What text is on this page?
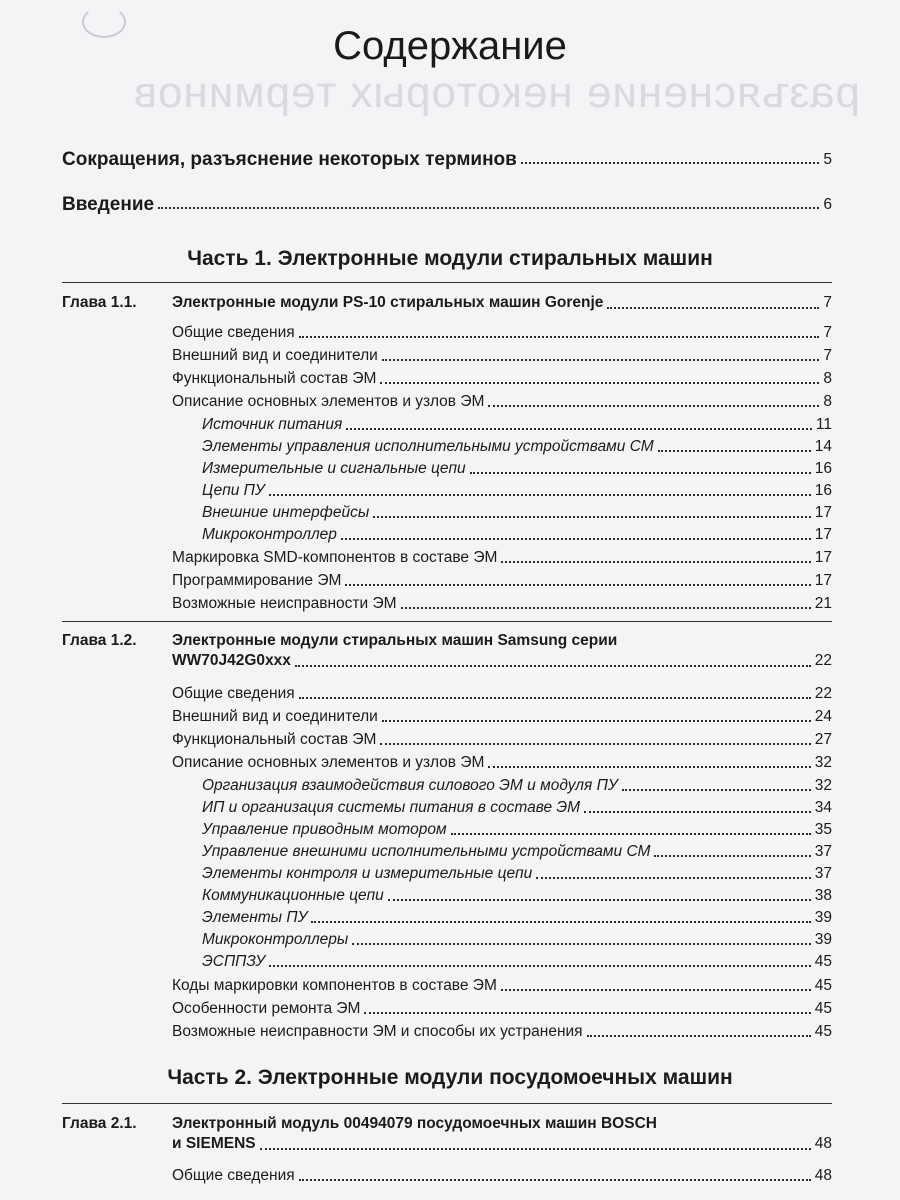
разъяснение некоторых терминов
Содержание
Сокращения, разъяснение некоторых терминов	5
Введение	6
Часть 1. Электронные модули стиральных машин
Глава 1.1.	Электронные модули PS-10 стиральных машин Gorenje	7
Общие сведения	7
Внешний вид и соединители	7
Функциональный состав ЭМ	8
Описание основных элементов и узлов ЭМ	8
Источник питания	11
Элементы управления исполнительными устройствами СМ	14
Измерительные и сигнальные цепи	16
Цепи ПУ	16
Внешние интерфейсы	17
Микроконтроллер	17
Маркировка SMD-компонентов в составе ЭМ	17
Программирование ЭМ	17
Возможные неисправности ЭМ	21
Глава 1.2.	Электронные модули стиральных машин Samsung серии
WW70J42G0xxx	22
Общие сведения	22
Внешний вид и соединители	24
Функциональный состав ЭМ	27
Описание основных элементов и узлов ЭМ	32
Организация взаимодействия силового ЭМ и модуля ПУ	32
ИП и организация системы питания в составе ЭМ	34
Управление приводным мотором	35
Управление внешними исполнительными устройствами СМ	37
Элементы контроля и измерительные цепи	37
Коммуникационные цепи	38
Элементы ПУ	39
Микроконтроллеры	39
ЭСППЗУ	45
Коды маркировки компонентов в составе ЭМ	45
Особенности ремонта ЭМ	45
Возможные неисправности ЭМ и способы их устранения	45
Часть 2. Электронные модули посудомоечных машин
Глава 2.1.	Электронный модуль 00494079 посудомоечных машин BOSCH
и SIEMENS	48
Общие сведения	48
